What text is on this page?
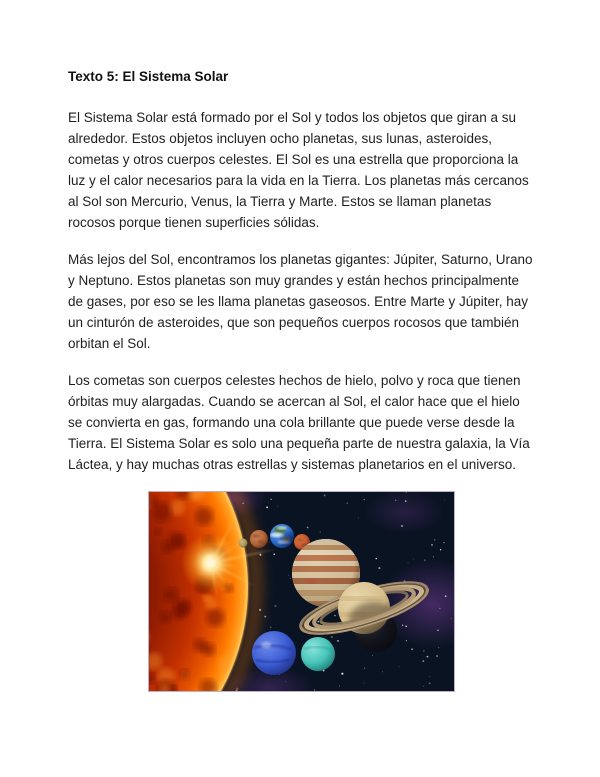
Texto 5: El Sistema Solar

El Sistema Solar está formado por el Sol y todos los objetos que giran a su alrededor. Estos objetos incluyen ocho planetas, sus lunas, asteroides, cometas y otros cuerpos celestes. El Sol es una estrella que proporciona la luz y el calor necesarios para la vida en la Tierra. Los planetas más cercanos al Sol son Mercurio, Venus, la Tierra y Marte. Estos se llaman planetas rocosos porque tienen superficies sólidas.

Más lejos del Sol, encontramos los planetas gigantes: Júpiter, Saturno, Urano y Neptuno. Estos planetas son muy grandes y están hechos principalmente de gases, por eso se les llama planetas gaseosos. Entre Marte y Júpiter, hay un cinturón de asteroides, que son pequeños cuerpos rocosos que también orbitan el Sol.

Los cometas son cuerpos celestes hechos de hielo, polvo y roca que tienen órbitas muy alargadas. Cuando se acercan al Sol, el calor hace que el hielo se convierta en gas, formando una cola brillante que puede verse desde la Tierra. El Sistema Solar es solo una pequeña parte de nuestra galaxia, la Vía Láctea, y hay muchas otras estrellas y sistemas planetarios en el universo.
